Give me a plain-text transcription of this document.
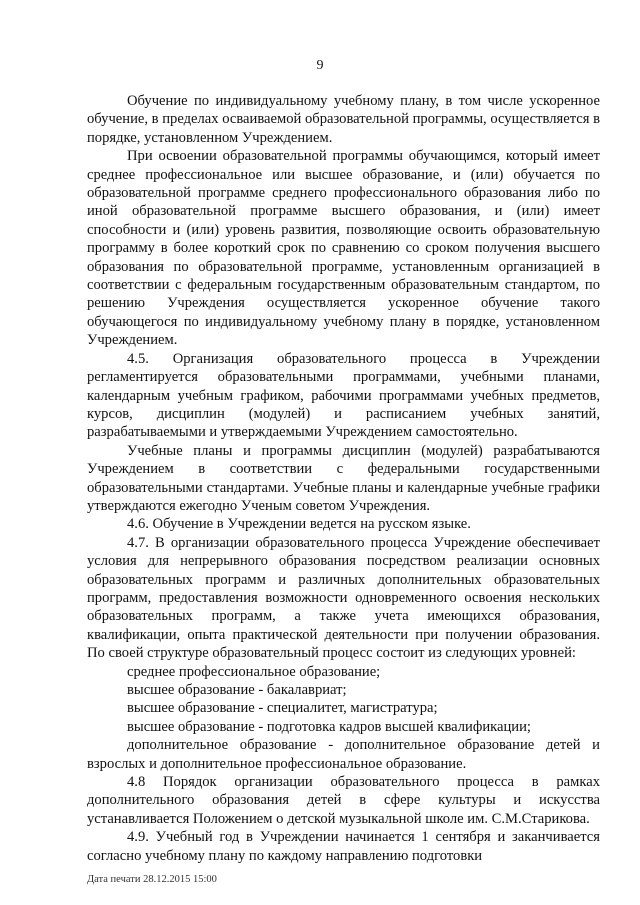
9

Обучение по индивидуальному учебному плану, в том числе ускоренное обучение, в пределах осваиваемой образовательной программы, осуществляется в порядке, установленном Учреждением.

При освоении образовательной программы обучающимся, который имеет среднее профессиональное или высшее образование, и (или) обучается по образовательной программе среднего профессионального образования либо по иной образовательной программе высшего образования, и (или) имеет способности и (или) уровень развития, позволяющие освоить образовательную программу в более короткий срок по сравнению со сроком получения высшего образования по образовательной программе, установленным организацией в соответствии с федеральным государственным образовательным стандартом, по решению Учреждения осуществляется ускоренное обучение такого обучающегося по индивидуальному учебному плану в порядке, установленном Учреждением.

4.5. Организация образовательного процесса в Учреждении регламентируется образовательными программами, учебными планами, календарным учебным графиком, рабочими программами учебных предметов, курсов, дисциплин (модулей) и расписанием учебных занятий, разрабатываемыми и утверждаемыми Учреждением самостоятельно.

Учебные планы и программы дисциплин (модулей) разрабатываются Учреждением в соответствии с федеральными государственными образовательными стандартами. Учебные планы и календарные учебные графики утверждаются ежегодно Ученым советом Учреждения.

4.6. Обучение в Учреждении ведется на русском языке.

4.7. В организации образовательного процесса Учреждение обеспечивает условия для непрерывного образования посредством реализации основных образовательных программ и различных дополнительных образовательных программ, предоставления возможности одновременного освоения нескольких образовательных программ, а также учета имеющихся образования, квалификации, опыта практической деятельности при получении образования. По своей структуре образовательный процесс состоит из следующих уровней:

среднее профессиональное образование;

высшее образование - бакалавриат;

высшее образование - специалитет, магистратура;

высшее образование - подготовка кадров высшей квалификации;

дополнительное образование - дополнительное образование детей и взрослых и дополнительное профессиональное образование.

4.8 Порядок организации образовательного процесса в рамках дополнительного образования детей в сфере культуры и искусства устанавливается Положением о детской музыкальной школе им. С.М.Старикова.

4.9. Учебный год в Учреждении начинается 1 сентября и заканчивается согласно учебному плану по каждому направлению подготовки

Дата печати 28.12.2015 15:00
